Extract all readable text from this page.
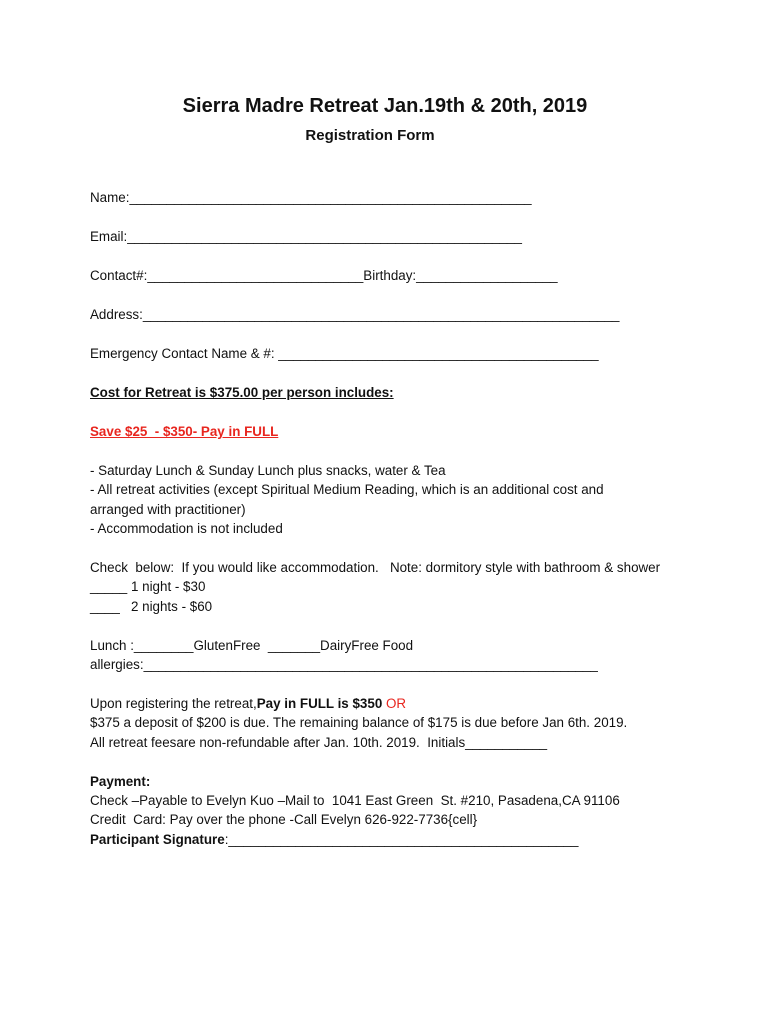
Sierra Madre Retreat Jan.19th & 20th, 2019
Registration Form

Name:______________________________________________________

Email:_____________________________________________________

Contact#:_____________________________Birthday:___________________

Address:________________________________________________________________

Emergency Contact Name & #: ___________________________________________

Cost for Retreat is $375.00 per person includes:

Save $25  - $350- Pay in FULL

- Saturday Lunch & Sunday Lunch plus snacks, water & Tea

- All retreat activities (except Spiritual Medium Reading, which is an additional cost and

arranged with practitioner)

- Accommodation is not included

Check  below:  If you would like accommodation.   Note: dormitory style with bathroom & shower

_____ 1 night - $30

____   2 nights - $60

Lunch :________GlutenFree  _______DairyFree Food

allergies:_____________________________________________________________

Upon registering the retreat,Pay in FULL is $350 OR

$375 a deposit of $200 is due. The remaining balance of $175 is due before Jan 6th. 2019.

All retreat feesare non-refundable after Jan. 10th. 2019.  Initials___________

Payment:

Check –Payable to Evelyn Kuo –Mail to  1041 East Green  St. #210, Pasadena,CA 91106

Credit  Card: Pay over the phone -Call Evelyn 626-922-7736{cell}

Participant Signature:_______________________________________________
